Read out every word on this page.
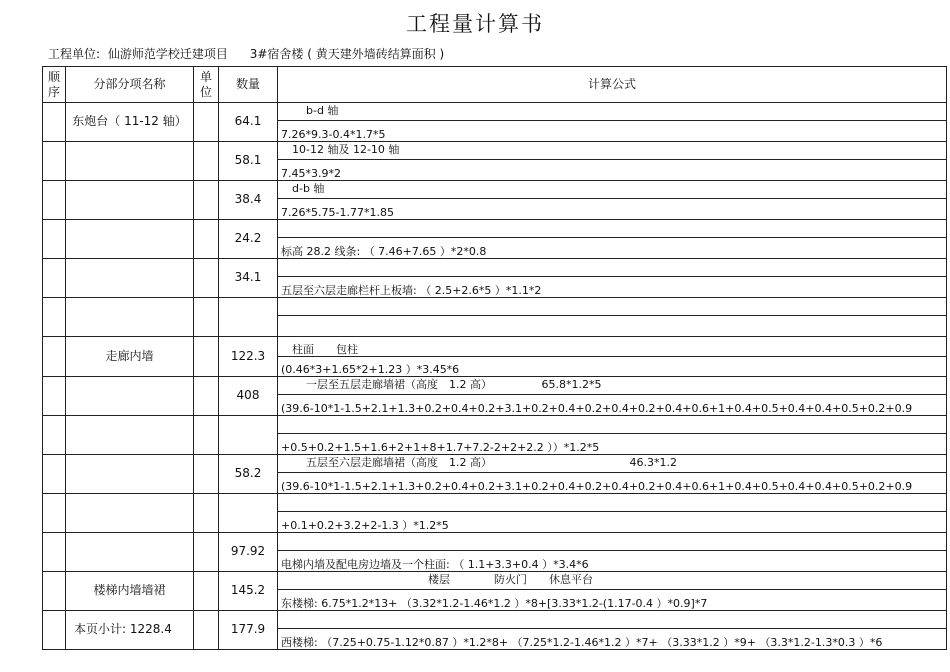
工程量计算书
工程单位: 仙游师范学校迁建项目 3#宿舍楼 ( 黄天建外墙砖结算面积 )
顺序	分部分项名称	单位	数量	计算公式
	东炮台（ 11-12 轴）		64.1	b-d 轴
				7.26*9.3-0.4*1.7*5
			58.1	10-12 轴及 12-10 轴
				7.45*3.9*2
			38.4	d-b 轴
				7.26*5.75-1.77*1.85
			24.2	
				标高 28.2 线条: （ 7.46+7.65 ）*2*0.8
			34.1	
				五层至六层走廊栏杆上板墙: （ 2.5+2.6*5 ）*1.1*2

	走廊内墙		122.3	柱面　　包柱
				(0.46*3+1.65*2+1.23 ）*3.45*6
			408	一层至五层走廊墙裙（高度　1.2 高）　　　　　65.8*1.2*5
				(39.6-10*1-1.5+2.1+1.3+0.2+0.4+0.2+3.1+0.2+0.4+0.2+0.4+0.2+0.4+0.6+1+0.4+0.5+0.4+0.4+0.5+0.2+0.9

				+0.5+0.2+1.5+1.6+2+1+8+1.7+7.2-2+2+2.2 ））*1.2*5
			58.2	五层至六层走廊墙裙（高度　1.2 高）　　　　　　　　　　　　　46.3*1.2
				(39.6-10*1-1.5+2.1+1.3+0.2+0.4+0.2+3.1+0.2+0.4+0.2+0.4+0.2+0.4+0.6+1+0.4+0.5+0.4+0.4+0.5+0.2+0.9

				+0.1+0.2+3.2+2-1.3 ）*1.2*5
			97.92	
				电梯内墙及配电房边墙及一个柱面: （ 1.1+3.3+0.4 ）*3.4*6
	楼梯内墙墙裙		145.2	楼层　　　　防火门　　休息平台
				东楼梯: 6.75*1.2*13+ （3.32*1.2-1.46*1.2 ）*8+[3.33*1.2-(1.17-0.4 ）*0.9]*7
	本页小计: 1228.4		177.9	
				西楼梯: （7.25+0.75-1.12*0.87 ）*1.2*8+ （7.25*1.2-1.46*1.2 ）*7+ （3.33*1.2 ）*9+ （3.3*1.2-1.3*0.3 ）*6
